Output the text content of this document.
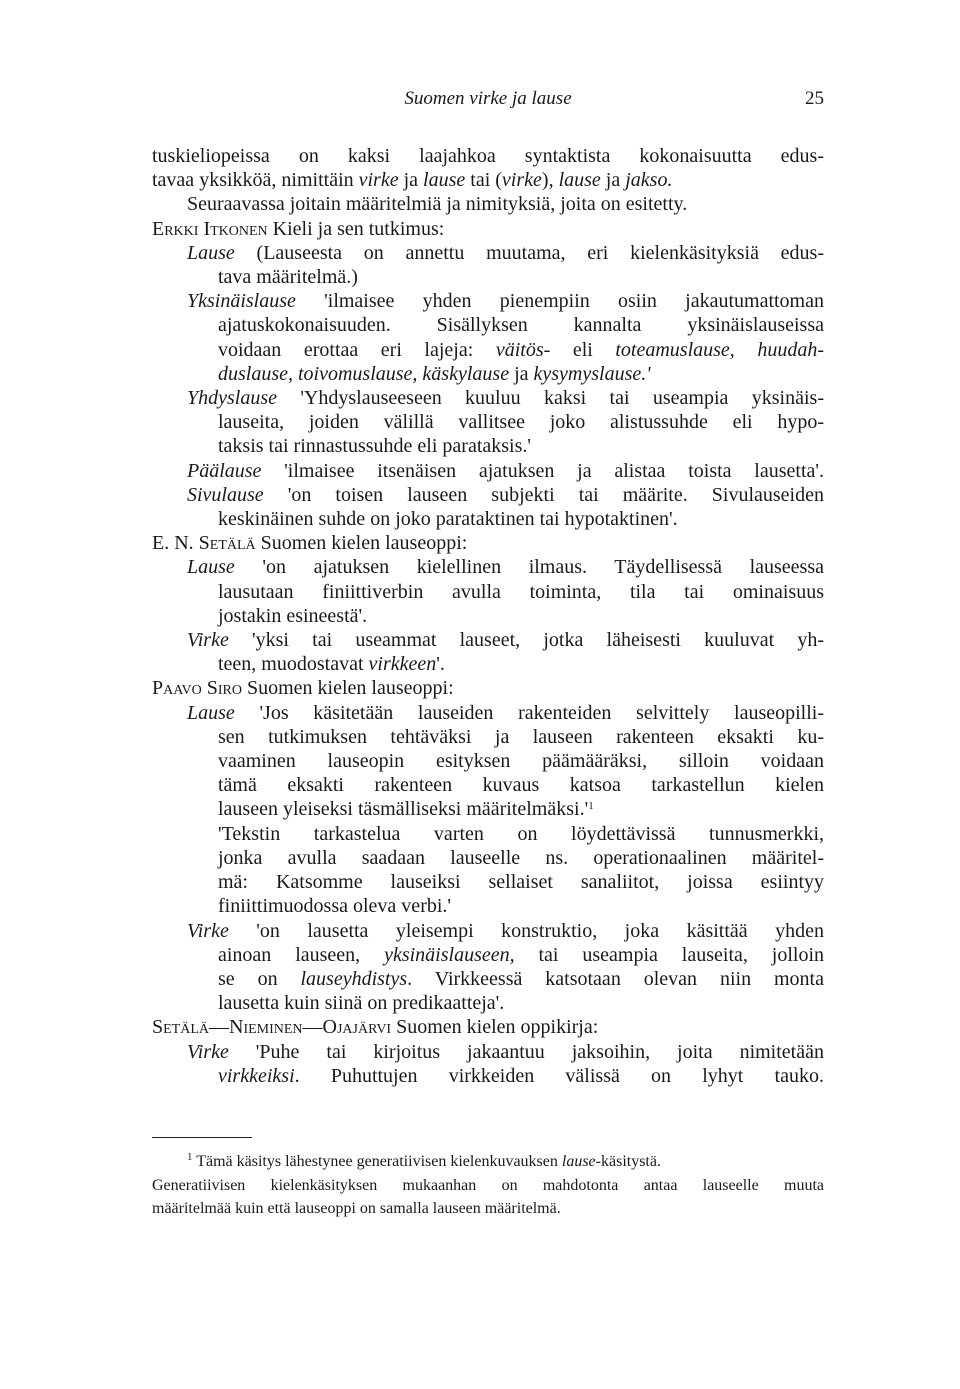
Suomen virke ja lause	25

tuskieliopeissa on kaksi laajahkoa syntaktista kokonaisuutta edus-

tavaa yksikköä, nimittäin virke ja lause tai (virke), lause ja jakso.

Seuraavassa joitain määritelmiä ja nimityksiä, joita on esitetty.

Erkki Itkonen Kieli ja sen tutkimus:

Lause (Lauseesta on annettu muutama, eri kielenkäsityksiä edus-

tava määritelmä.)

Yksinäislause 'ilmaisee yhden pienempiin osiin jakautumattoman

ajatuskokonaisuuden. Sisällyksen kannalta yksinäislauseissa

voidaan erottaa eri lajeja: väitös- eli toteamuslause, huudah-

duslause, toivomuslause, käskylause ja kysymyslause.'

Yhdyslause 'Yhdyslauseeseen kuuluu kaksi tai useampia yksinäis-

lauseita, joiden välillä vallitsee joko alistussuhde eli hypo-

taksis tai rinnastussuhde eli parataksis.'

Päälause 'ilmaisee itsenäisen ajatuksen ja alistaa toista lausetta'.

Sivulause 'on toisen lauseen subjekti tai määrite. Sivulauseiden

keskinäinen suhde on joko parataktinen tai hypotaktinen'.

E. N. Setälä Suomen kielen lauseoppi:

Lause 'on ajatuksen kielellinen ilmaus. Täydellisessä lauseessa

lausutaan finiittiverbin avulla toiminta, tila tai ominaisuus

jostakin esineestä'.

Virke 'yksi tai useammat lauseet, jotka läheisesti kuuluvat yh-

teen, muodostavat virkkeen'.

Paavo Siro Suomen kielen lauseoppi:

Lause 'Jos käsitetään lauseiden rakenteiden selvittely lauseopilli-

sen tutkimuksen tehtäväksi ja lauseen rakenteen eksakti ku-

vaaminen lauseopin esityksen päämääräksi, silloin voidaan

tämä eksakti rakenteen kuvaus katsoa tarkastellun kielen

lauseen yleiseksi täsmälliseksi $määritelmäksi.'^1$

'Tekstin tarkastelua varten on löydettävissä tunnusmerkki,

jonka avulla saadaan lauseelle ns. operationaalinen määritel-

mä: Katsomme lauseiksi sellaiset sanaliitot, joissa esiintyy

finiittimuodossa oleva verbi.'

Virke 'on lausetta yleisempi konstruktio, joka käsittää yhden

ainoan lauseen, yksinäislauseen, tai useampia lauseita, jolloin

se on lauseyhdistys. Virkkeessä katsotaan olevan niin monta

lausetta kuin siinä on predikaatteja'.

Setälä—Nieminen—Ojajärvi Suomen kielen oppikirja:

Virke 'Puhe tai kirjoitus jakaantuu jaksoihin, joita nimitetään

virkkeiksi. Puhuttujen virkkeiden välissä on lyhyt tauko.

$^1$ Tämä käsitys lähestynee generatiivisen kielenkuvauksen lause-käsitystä.

Generatiivisen kielenkäsityksen mukaanhan on mahdotonta antaa lauseelle muuta

määritelmää kuin että lauseoppi on samalla lauseen määritelmä.
